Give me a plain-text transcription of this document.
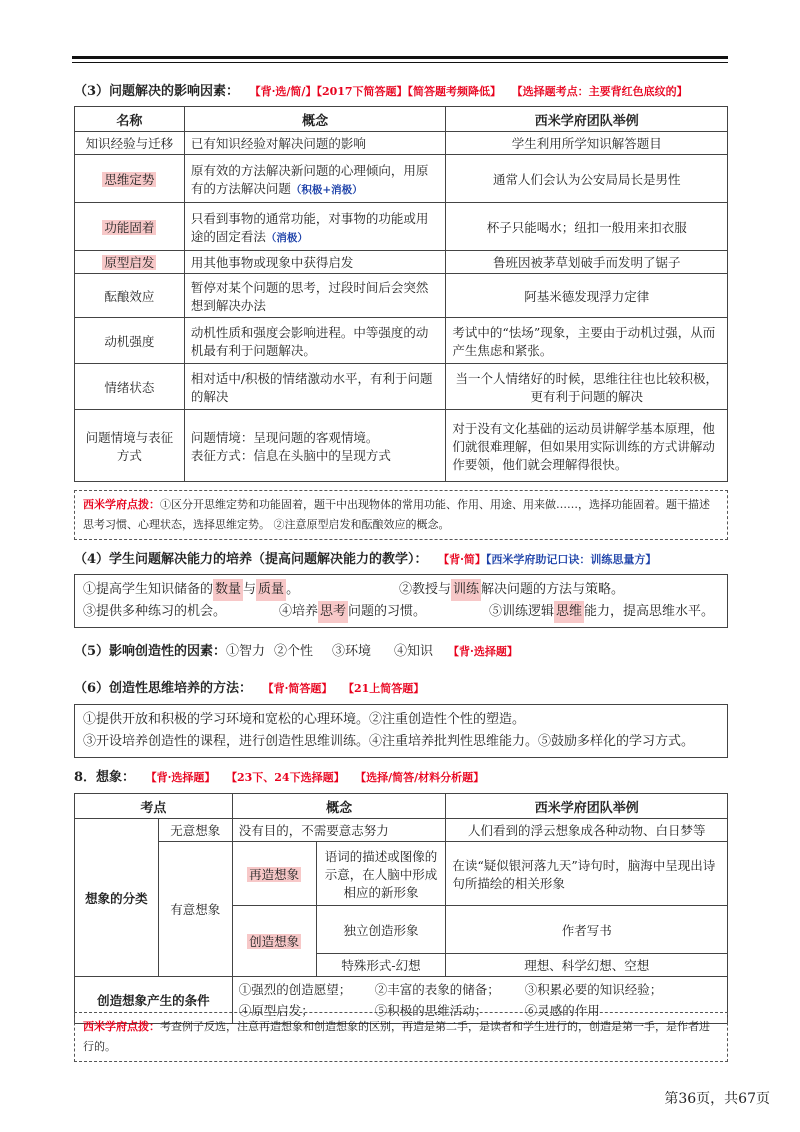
（3）问题解决的影响因素： 【背·选/简/】【2017下简答题】【简答题考频降低】 【选择题考点：主要背红色底纹的】
名称	概念	西米学府团队举例
知识经验与迁移	已有知识经验对解决问题的影响	学生利用所学知识解答题目
思维定势	原有效的方法解决新问题的心理倾向，用原有的方法解决问题（积极+消极）	通常人们会认为公安局局长是男性
功能固着	只看到事物的通常功能，对事物的功能或用途的固定看法（消极）	杯子只能喝水；纽扣一般用来扣衣服
原型启发	用其他事物或现象中获得启发	鲁班因被茅草划破手而发明了锯子
酝酿效应	暂停对某个问题的思考，过段时间后会突然想到解决办法	阿基米德发现浮力定律
动机强度	动机性质和强度会影响进程。中等强度的动机最有利于问题解决。	考试中的“怯场”现象，主要由于动机过强，从而产生焦虑和紧张。
情绪状态	相对适中/积极的情绪激动水平，有利于问题的解决	当一个人情绪好的时候，思维往往也比较积极，更有利于问题的解决
问题情境与表征方式	问题情境：呈现问题的客观情境。
表征方式：信息在头脑中的呈现方式	对于没有文化基础的运动员讲解学基本原理，他们就很难理解，但如果用实际训练的方式讲解动作要领，他们就会理解得很快。
西米学府点拨：①区分开思维定势和功能固着，题干中出现物体的常用功能、作用、用途、用来做……，选择功能固着。题干描述思考习惯、心理状态，选择思维定势。 ②注意原型启发和酝酿效应的概念。
（4）学生问题解决能力的培养（提高问题解决能力的教学）： 【背·简】【西米学府助记口诀：训练思量方】
①提高学生知识储备的 数量 与 质量 。	②教授与 训练 解决问题的方法与策略。
③提供多种练习的机会。	④培养 思考 问题的习惯。	⑤训练逻辑 思维 能力，提高思维水平。
（5）影响创造性的因素：①智力 ②个性 ③环境 ④知识 【背·选择题】
（6）创造性思维培养的方法： 【背·简答题】 【21上简答题】
①提供开放和积极的学习环境和宽松的心理环境。②注重创造性个性的塑造。
③开设培养创造性的课程，进行创造性思维训练。④注重培养批判性思维能力。⑤鼓励多样化的学习方式。
8．想象： 【背·选择题】 【23下、24下选择题】 【选择/简答/材料分析题】
考点		概念		西米学府团队举例
想象的分类	无意想象	没有目的，不需要意志努力		人们看到的浮云想象成各种动物、白日梦等
	有意想象	再造想象	语词的描述或图像的示意，在人脑中形成相应的新形象	在读“疑似银河落九天”诗句时，脑海中呈现出诗句所描绘的相关形象
		创造想象	独立创造形象	作者写书
			特殊形式-幻想	理想、科学幻想、空想
创造想象产生的条件		①强烈的创造愿望； ②丰富的表象的储备； ③积累必要的知识经验；
④原型启发； ⑤积极的思维活动； ⑥灵感的作用		
西米学府点拨：考查例子反选，注意再造想象和创造想象的区别，再造是第二手，是读者和学生进行的，创造是第一手，是作者进行的。
第36页，共67页
